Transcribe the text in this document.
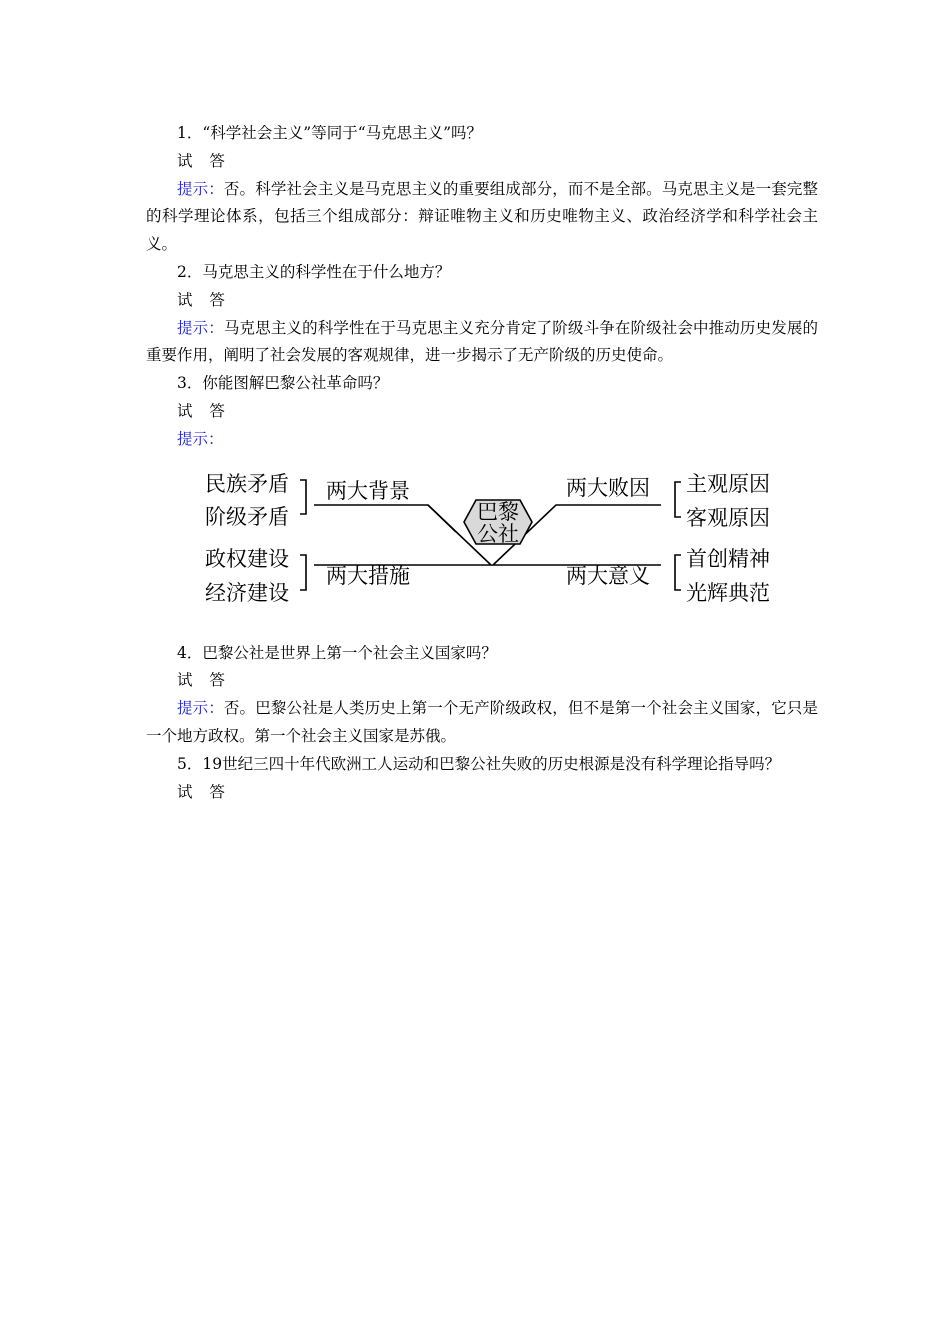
1．“科学社会主义”等同于“马克思主义”吗？
试 答
提示：否。科学社会主义是马克思主义的重要组成部分，而不是全部。马克思主义是一套完整的科学理论体系，包括三个组成部分：辩证唯物主义和历史唯物主义、政治经济学和科学社会主义。
2．马克思主义的科学性在于什么地方？
试 答
提示：马克思主义的科学性在于马克思主义充分肯定了阶级斗争在阶级社会中推动历史发展的重要作用，阐明了社会发展的客观规律，进一步揭示了无产阶级的历史使命。
3．你能图解巴黎公社革命吗？
试 答
提示：
巴黎
公社
民族矛盾
阶级矛盾
两大背景
政权建设
经济建设
两大措施
两大败因 主观原因
客观原因
两大意义
首创精神
光辉典范
4．巴黎公社是世界上第一个社会主义国家吗？
试 答
提示：否。巴黎公社是人类历史上第一个无产阶级政权，但不是第一个社会主义国家，它只是一个地方政权。第一个社会主义国家是苏俄。
5．19世纪三四十年代欧洲工人运动和巴黎公社失败的历史根源是没有科学理论指导吗？
试 答
